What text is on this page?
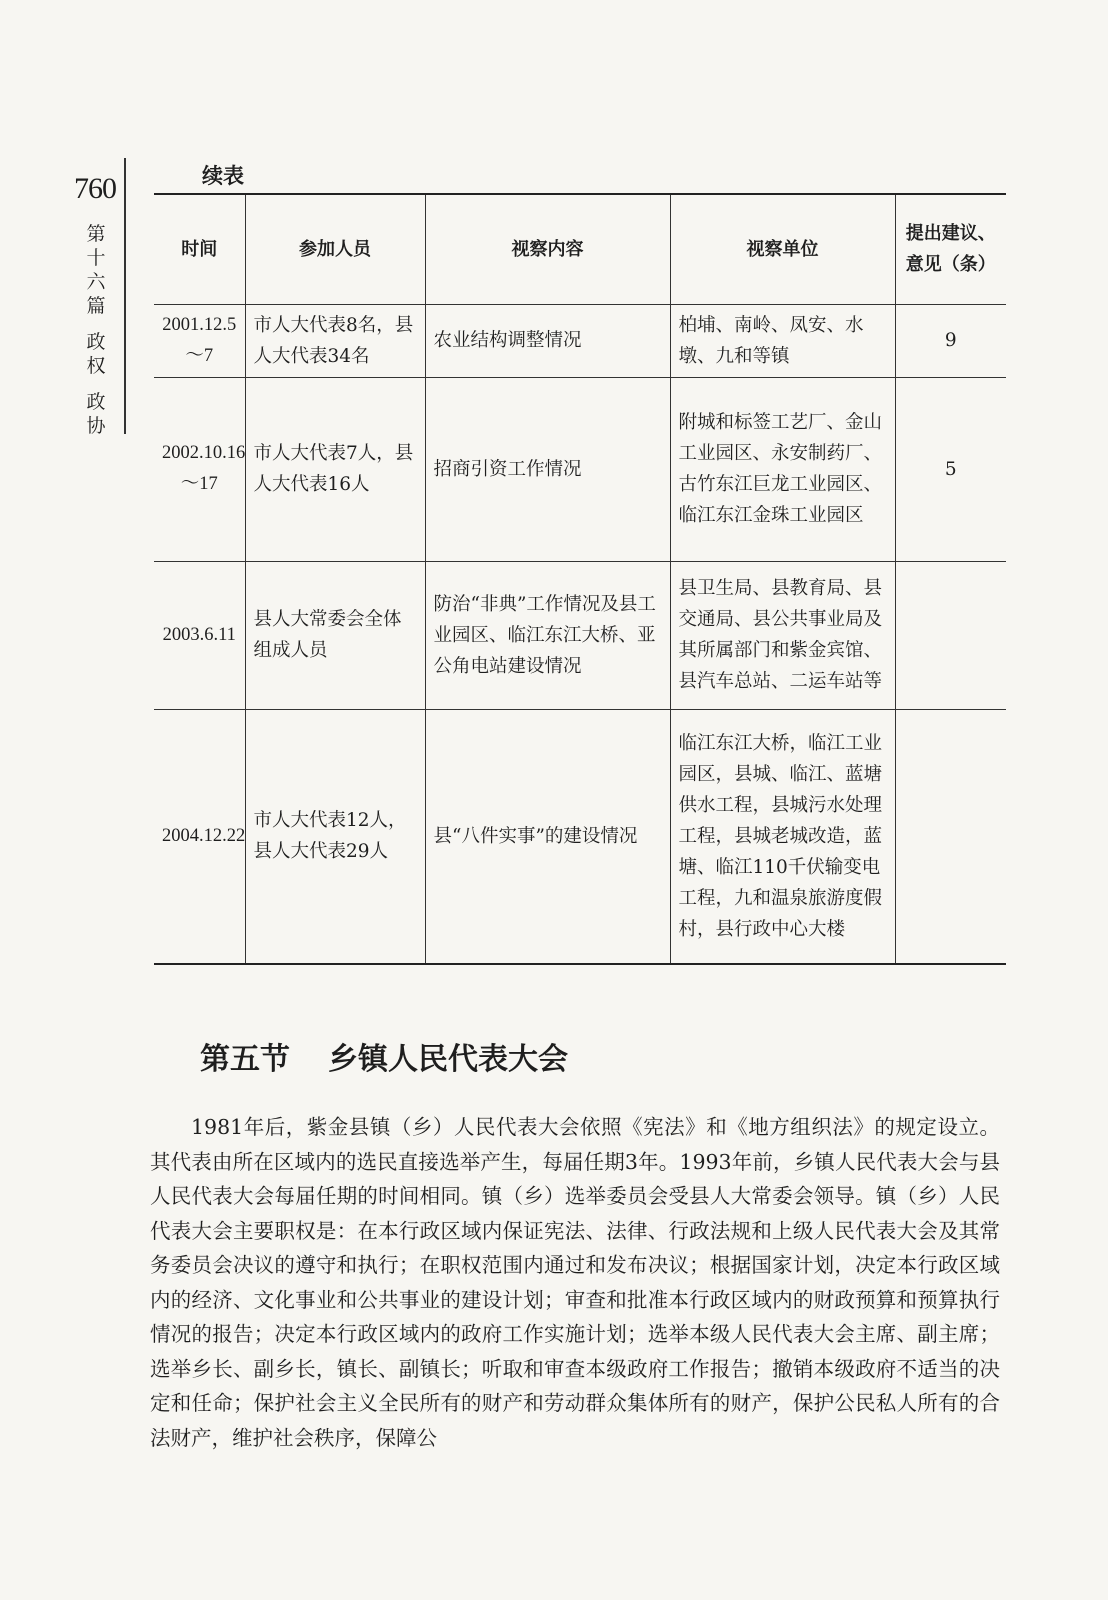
760
第
十
六
篇
政
权
政
协
续表
时间	参加人员	视察内容	视察单位	提出建议、意见（条）
2001.12.5～7	市人大代表8名，县人大代表34名	农业结构调整情况	柏埔、南岭、凤安、水墩、九和等镇	9
2002.10.16～17	市人大代表7人，县人大代表16人	招商引资工作情况	附城和标签工艺厂、金山工业园区、永安制药厂、古竹东江巨龙工业园区、临江东江金珠工业园区	5
2003.6.11	县人大常委会全体组成人员	防治“非典”工作情况及县工业园区、临江东江大桥、亚公角电站建设情况	县卫生局、县教育局、县交通局、县公共事业局及其所属部门和紫金宾馆、县汽车总站、二运车站等	
2004.12.22	市人大代表12人，县人大代表29人	县“八件实事”的建设情况	临江东江大桥，临江工业园区，县城、临江、蓝塘供水工程，县城污水处理工程，县城老城改造，蓝塘、临江110千伏输变电工程，九和温泉旅游度假村，县行政中心大楼	
第五节 乡镇人民代表大会

1981年后，紫金县镇（乡）人民代表大会依照《宪法》和《地方组织法》的规定设立。其代表由所在区域内的选民直接选举产生，每届任期3年。1993年前，乡镇人民代表大会与县人民代表大会每届任期的时间相同。镇（乡）选举委员会受县人大常委会领导。镇（乡）人民代表大会主要职权是：在本行政区域内保证宪法、法律、行政法规和上级人民代表大会及其常务委员会决议的遵守和执行；在职权范围内通过和发布决议；根据国家计划，决定本行政区域内的经济、文化事业和公共事业的建设计划；审查和批准本行政区域内的财政预算和预算执行情况的报告；决定本行政区域内的政府工作实施计划；选举本级人民代表大会主席、副主席；选举乡长、副乡长，镇长、副镇长；听取和审查本级政府工作报告；撤销本级政府不适当的决定和任命；保护社会主义全民所有的财产和劳动群众集体所有的财产，保护公民私人所有的合法财产，维护社会秩序，保障公
